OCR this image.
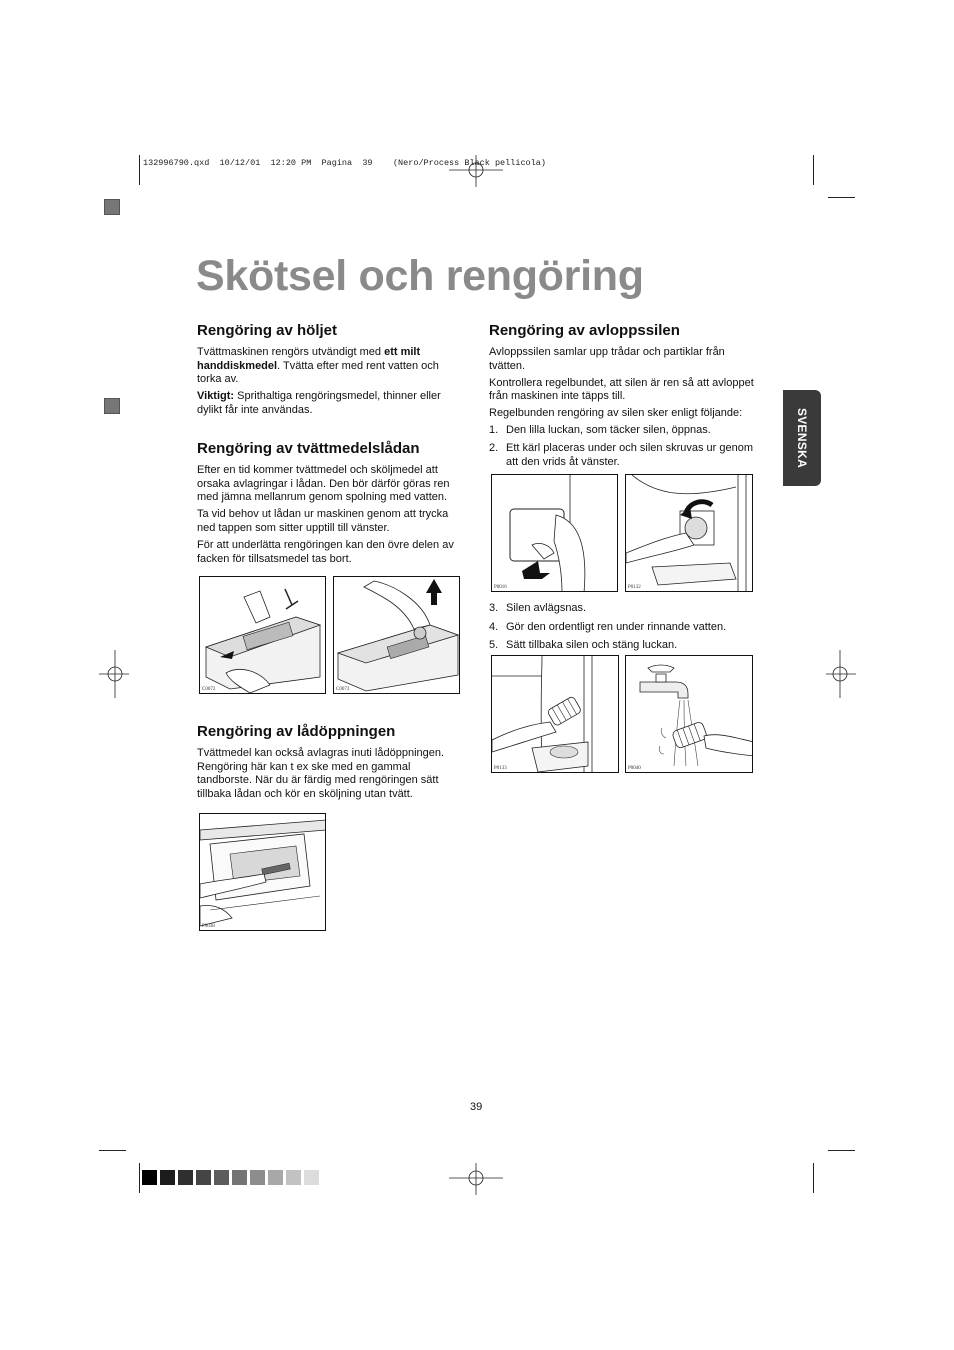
132996790.qxd  10/12/01  12:20 PM  Pagina  39    (Nero/Process Black pellicola)
Skötsel och rengöring
Rengöring av höljet

Tvättmaskinen rengörs utvändigt med ett milt handdiskmedel. Tvätta efter med rent vatten och torka av.

Viktigt: Sprithaltiga rengöringsmedel, thinner eller dylikt får inte användas.

Rengöring av tvättmedelslådan

Efter en tid kommer tvättmedel och sköljmedel att orsaka avlagringar i lådan. Den bör därför göras ren med jämna mellanrum genom spolning med vatten.

Ta vid behov ut lådan ur maskinen genom att trycka ned tappen som sitter upptill till vänster.

För att underlätta rengöringen kan den övre delen av facken för tillsatsmedel tas bort.

C0072	C0073
Rengöring av lådöppningen

Tvättmedel kan också avlagras inuti lådöppningen. Rengöring här kan t ex ske med en gammal tandborste. När du är färdig med rengöringen sätt tillbaka lådan och kör en sköljning utan tvätt.

P0038
Rengöring av avloppssilen

Avloppssilen samlar upp trådar och partiklar från tvätten.

Kontrollera regelbundet, att silen är ren så att avloppet från maskinen inte täpps till.

Regelbunden rengöring av silen sker enligt följande:

1. Den lilla luckan, som täcker silen, öppnas.
2. Ett kärl placeras under och silen skruvas ur genom att den vrids åt vänster.
P0016	P0132
3. Silen avlägsnas.
4. Gör den ordentligt ren under rinnande vatten.
5. Sätt tillbaka silen och stäng luckan.
P0133	P0040
SVENSKA
39
